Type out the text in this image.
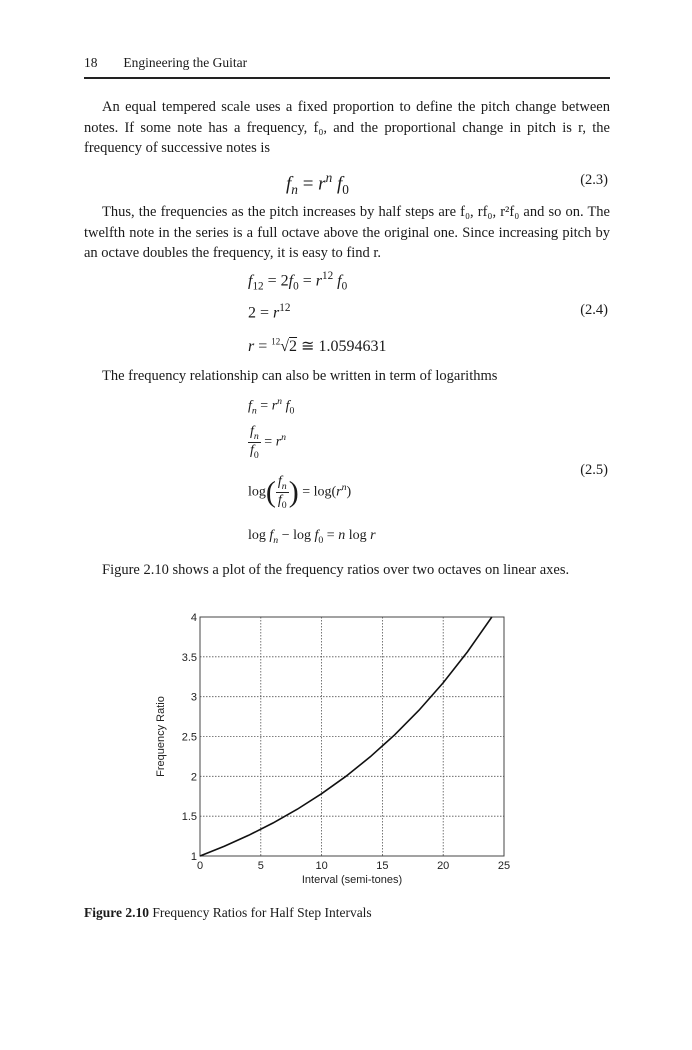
18 Engineering the Guitar
An equal tempered scale uses a fixed proportion to define the pitch change between notes. If some note has a frequency, f₀, and the proportional change in pitch is r, the frequency of successive notes is
$f_n = r^n$ $f_0$
(2.3)
Thus, the frequencies as the pitch increases by half steps are f₀, rf₀, r²f₀ and so on. The twelfth note in the series is a full octave above the original one. Since increasing pitch by an octave doubles the frequency, it is easy to find r.
$f_{12} = 2f_0 = r^{12}$ $f_0$
$2 = r^{12}$	(2.4)
r = $^{12}$√2 ≅ 1.0594631
The frequency relationship can also be written in term of logarithms
$f_n = r^n$ $f_0$
$\frac{f_n}{f_0} = r^n$
(2.5)
$\log( \frac{f_n}{f_0}$ ) = $\log(r^n)$
$\log f_n - \log f_0 = n$ log r
Figure 2.10 shows a plot of the frequency ratios over two octaves on linear axes.
0	5	10	15	20	25
1
1.5
2
2.5
3
3.5
4
Interval (semi-tones)
Frequency Ratio
Figure 2.10 Frequency Ratios for Half Step Intervals
